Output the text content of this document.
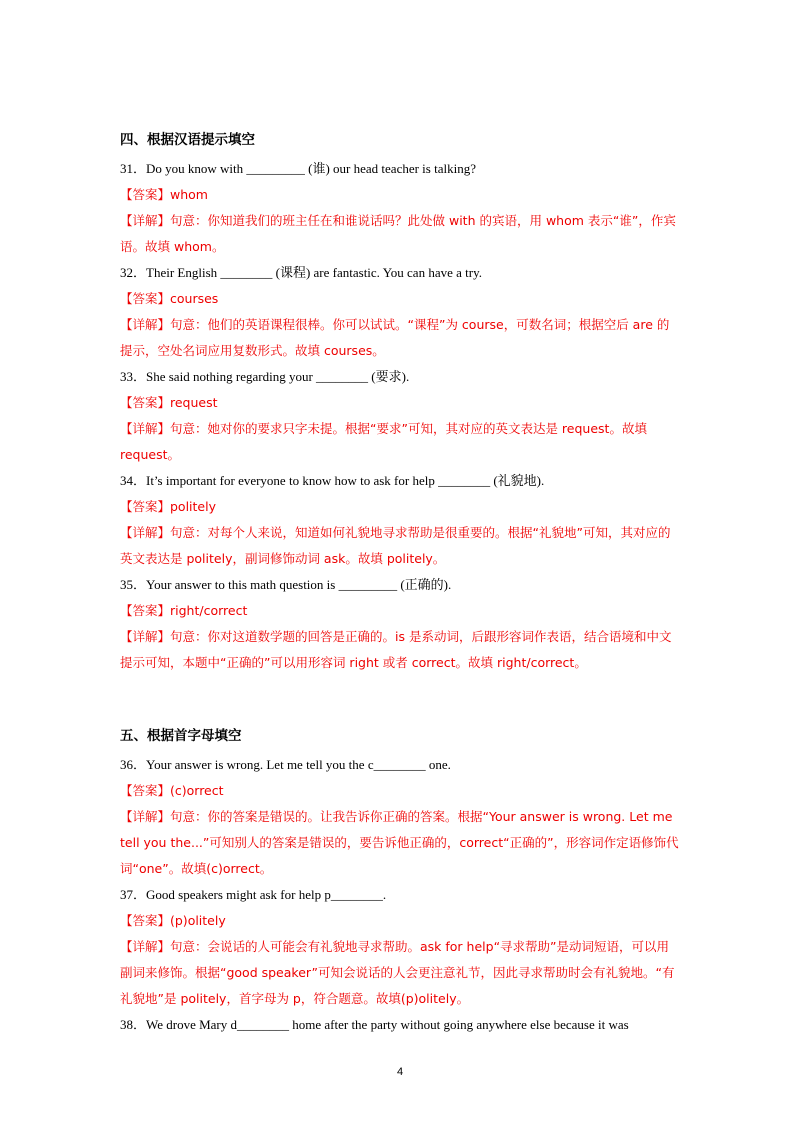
四、根据汉语提示填空
31．Do you know with _________ (谁) our head teacher is talking?
【答案】whom
【详解】句意：你知道我们的班主任在和谁说话吗？此处做 with 的宾语，用 whom 表示“谁”，作宾语。故填 whom。
32．Their English ________ (课程) are fantastic. You can have a try.
【答案】courses
【详解】句意：他们的英语课程很棒。你可以试试。“课程”为 course，可数名词；根据空后 are 的提示，空处名词应用复数形式。故填 courses。
33．She said nothing regarding your ________ (要求).
【答案】request
【详解】句意：她对你的要求只字未提。根据“要求”可知，其对应的英文表达是 request。故填 request。
34．It’s important for everyone to know how to ask for help ________ (礼貌地).
【答案】politely
【详解】句意：对每个人来说，知道如何礼貌地寻求帮助是很重要的。根据“礼貌地”可知，其对应的英文表达是 politely，副词修饰动词 ask。故填 politely。
35．Your answer to this math question is _________ (正确的).
【答案】right/correct
【详解】句意：你对这道数学题的回答是正确的。is 是系动词，后跟形容词作表语，结合语境和中文提示可知，本题中“正确的”可以用形容词 right 或者 correct。故填 right/correct。
五、根据首字母填空
36．Your answer is wrong. Let me tell you the c________ one.
【答案】(c)orrect
【详解】句意：你的答案是错误的。让我告诉你正确的答案。根据“Your answer is wrong. Let me tell you the...”可知别人的答案是错误的，要告诉他正确的，correct“正确的”，形容词作定语修饰代词“one”。故填(c)orrect。
37．Good speakers might ask for help p________.
【答案】(p)olitely
【详解】句意：会说话的人可能会有礼貌地寻求帮助。ask for help“寻求帮助”是动词短语，可以用副词来修饰。根据“good speaker”可知会说话的人会更注意礼节，因此寻求帮助时会有礼貌地。“有礼貌地”是 politely，首字母为 p，符合题意。故填(p)olitely。
38．We drove Mary d________ home after the party without going anywhere else because it was
4
